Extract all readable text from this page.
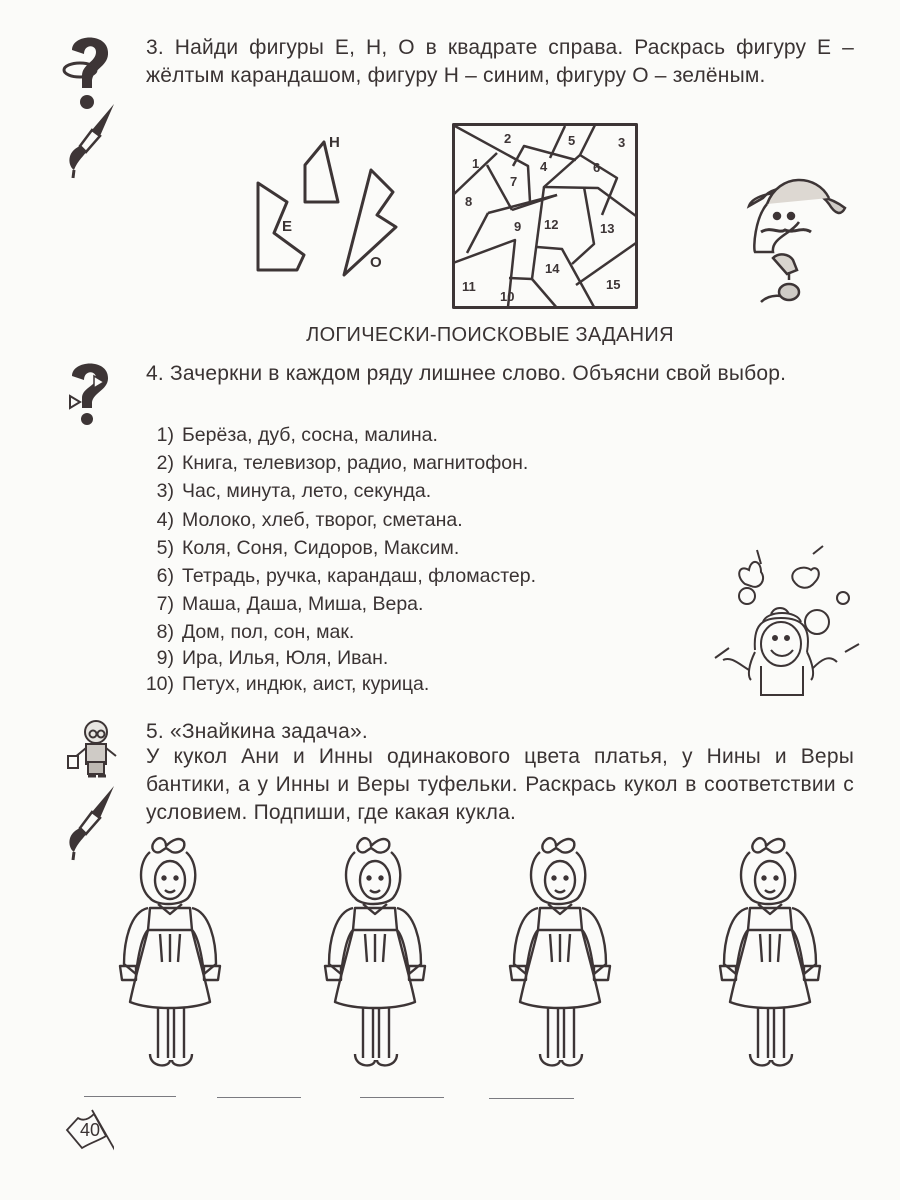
3. Найди фигуры Е, Н, О в квадрате справа. Раскрась фигуру Е – жёлтым карандашом, фигуру Н – синим, фигуру О – зелёным.
Е
Н
О
1
2	3
4
5
6
7
8
9
10
11
12	13
14
15
ЛОГИЧЕСКИ-ПОИСКОВЫЕ ЗАДАНИЯ
4. Зачеркни в каждом ряду лишнее слово. Объясни свой выбор.
1) Берёза, дуб, сосна, малина.
2) Книга, телевизор, радио, магнитофон.
3) Час, минута, лето, секунда.
4) Молоко, хлеб, творог, сметана.
5) Коля, Соня, Сидоров, Максим.
6) Тетрадь, ручка, карандаш, фломастер.
7) Маша, Даша, Миша, Вера.
8) Дом, пол, сон, мак.
9) Ира, Илья, Юля, Иван.
10) Петух, индюк, аист, курица.
5. «Знайкина задача».
У кукол Ани и Инны одинакового цвета платья, у Нины и Веры бантики, а у Инны и Веры туфельки. Раскрась кукол в соответствии с условием. Подпиши, где какая кукла.
40
